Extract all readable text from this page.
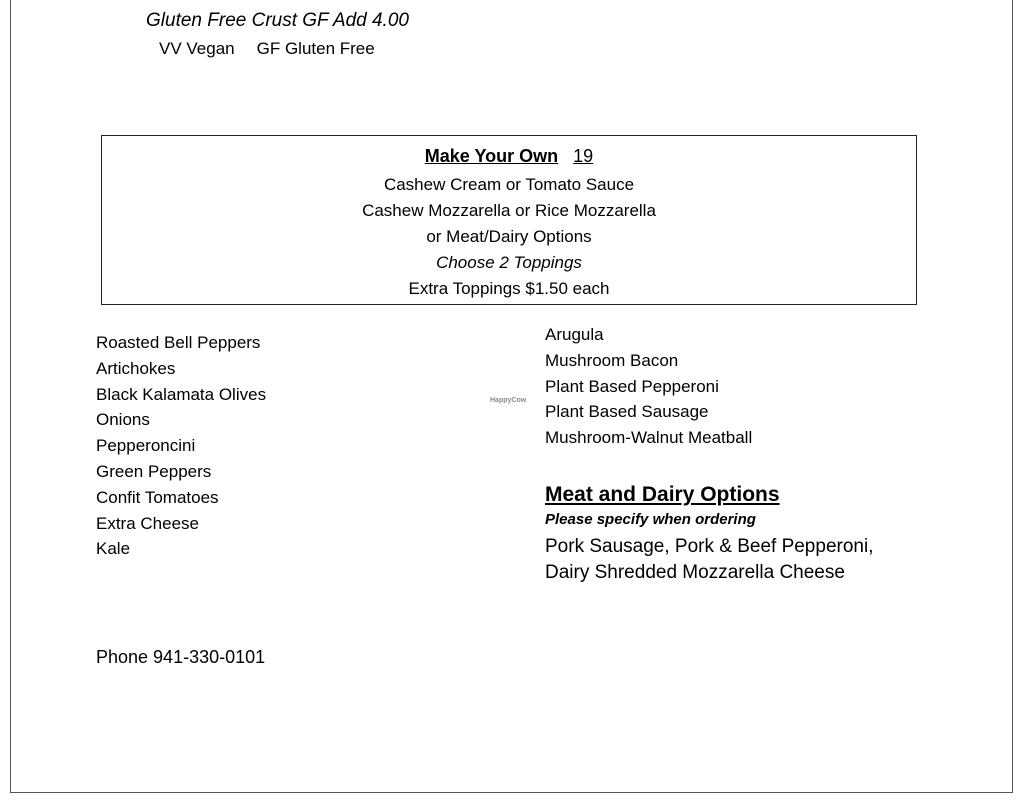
Gluten Free Crust GF Add 4.00
VV Vegan GF Gluten Free
Make Your Own 19
Cashew Cream or Tomato Sauce
Cashew Mozzarella or Rice Mozzarella
or Meat/Dairy Options
Choose 2 Toppings
Extra Toppings $1.50 each
Roasted Bell Peppers
Artichokes
Black Kalamata Olives
Onions
Pepperoncini
Green Peppers
Confit Tomatoes
Extra Cheese
Kale
HappyCow
Arugula
Mushroom Bacon
Plant Based Pepperoni
Plant Based Sausage
Mushroom-Walnut Meatball
Meat and Dairy Options
Please specify when ordering
Pork Sausage, Pork & Beef Pepperoni,
Dairy Shredded Mozzarella Cheese
Phone 941-330-0101
